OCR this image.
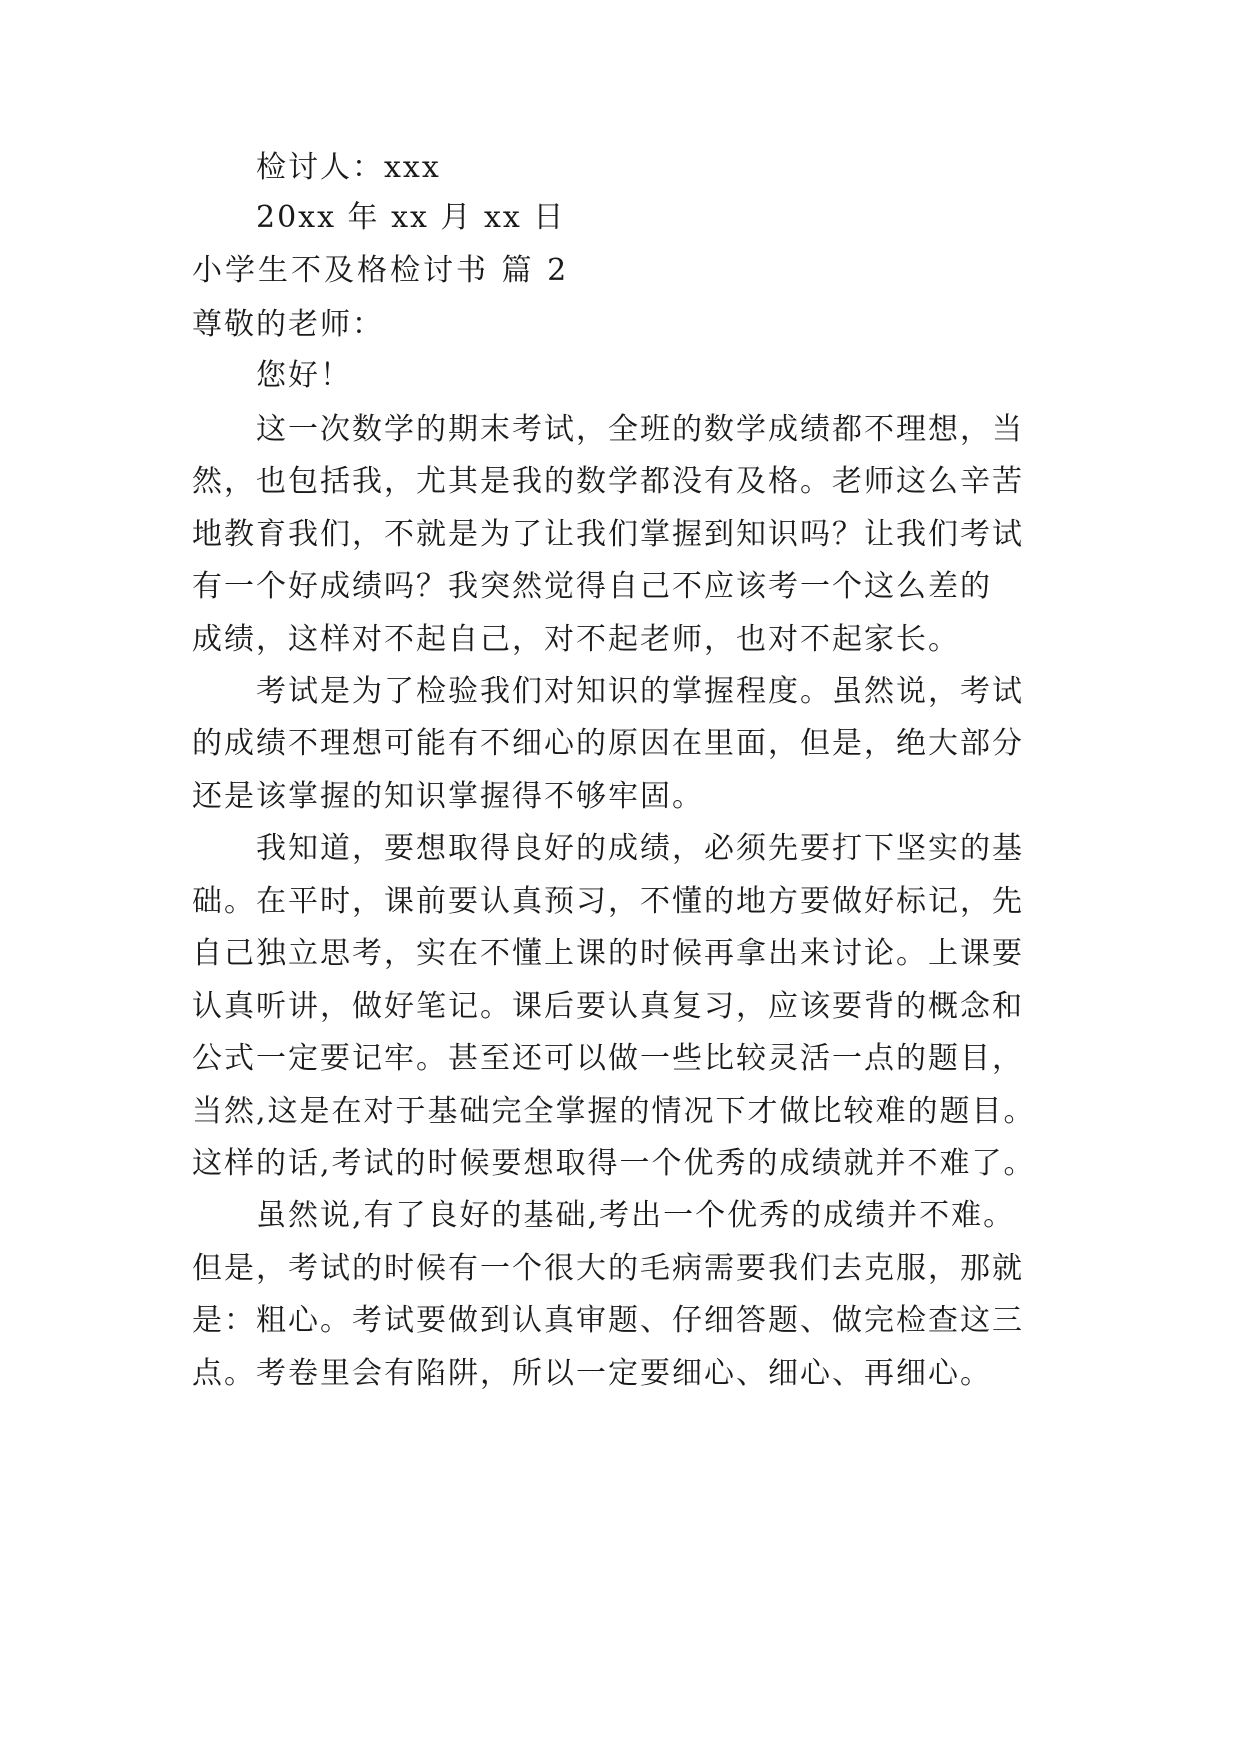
检讨人：xxx
20xx 年 xx 月 xx 日
小学生不及格检讨书 篇 2
尊敬的老师：
您好！
这一次数学的期末考试，全班的数学成绩都不理想，当
然，也包括我，尤其是我的数学都没有及格。老师这么辛苦
地教育我们，不就是为了让我们掌握到知识吗？让我们考试
有一个好成绩吗？我突然觉得自己不应该考一个这么差的
成绩，这样对不起自己，对不起老师，也对不起家长。
考试是为了检验我们对知识的掌握程度。虽然说，考试
的成绩不理想可能有不细心的原因在里面，但是，绝大部分
还是该掌握的知识掌握得不够牢固。
我知道，要想取得良好的成绩，必须先要打下坚实的基
础。在平时，课前要认真预习，不懂的地方要做好标记，先
自己独立思考，实在不懂上课的时候再拿出来讨论。上课要
认真听讲，做好笔记。课后要认真复习，应该要背的概念和
公式一定要记牢。甚至还可以做一些比较灵活一点的题目，
当然,这是在对于基础完全掌握的情况下才做比较难的题目。
这样的话,考试的时候要想取得一个优秀的成绩就并不难了。
虽然说,有了良好的基础,考出一个优秀的成绩并不难。
但是，考试的时候有一个很大的毛病需要我们去克服，那就
是：粗心。考试要做到认真审题、仔细答题、做完检查这三
点。考卷里会有陷阱，所以一定要细心、细心、再细心。
